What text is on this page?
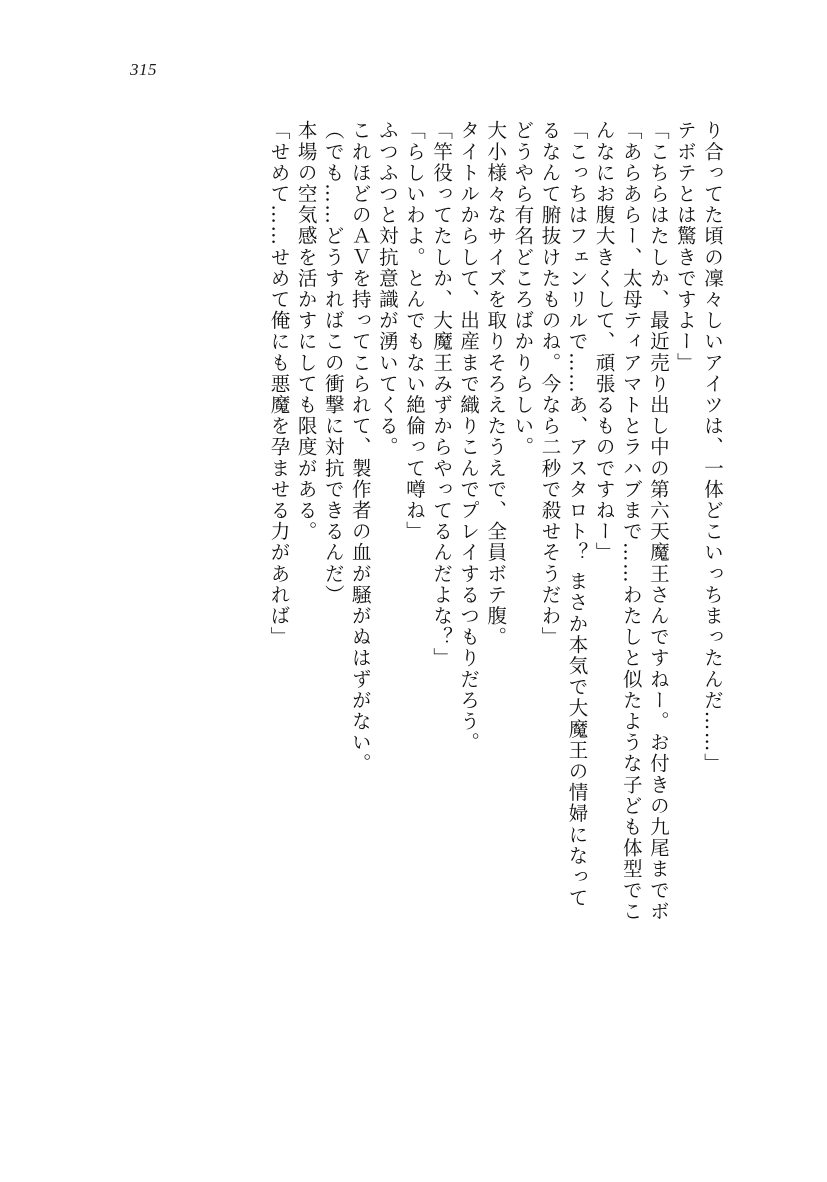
315
り合ってた頃の凜々しいアイツは、一体どこいっちまったんだ……」
テボテとは驚きですよー」
「こちらはたしか、最近売り出し中の第六天魔王さんですねー。お付きの九尾までボ
「あらあらー、太母ティアマトとラハブまで……わたしと似たような子ども体型でこ
んなにお腹大きくして、頑張るものですねー」
「こっちはフェンリルで……あ、アスタロト？ まさか本気で大魔王の情婦になって
るなんて腑抜けたものね。今なら二秒で殺せそうだわ」
どうやら有名どころばかりらしい。
大小様々なサイズを取りそろえたうえで、全員ボテ腹。
タイトルからして、出産まで織りこんでプレイするつもりだろう。
「竿役ってたしか、大魔王みずからやってるんだよな？」
「らしいわよ。とんでもない絶倫って噂ね」
ふつふつと対抗意識が湧いてくる。
これほどのＡＶを持ってこられて、製作者の血が騒がぬはずがない。
（でも……どうすればこの衝撃に対抗できるんだ）
本場の空気感を活かすにしても限度がある。
「せめて……せめて俺にも悪魔を孕ませる力があれば」
